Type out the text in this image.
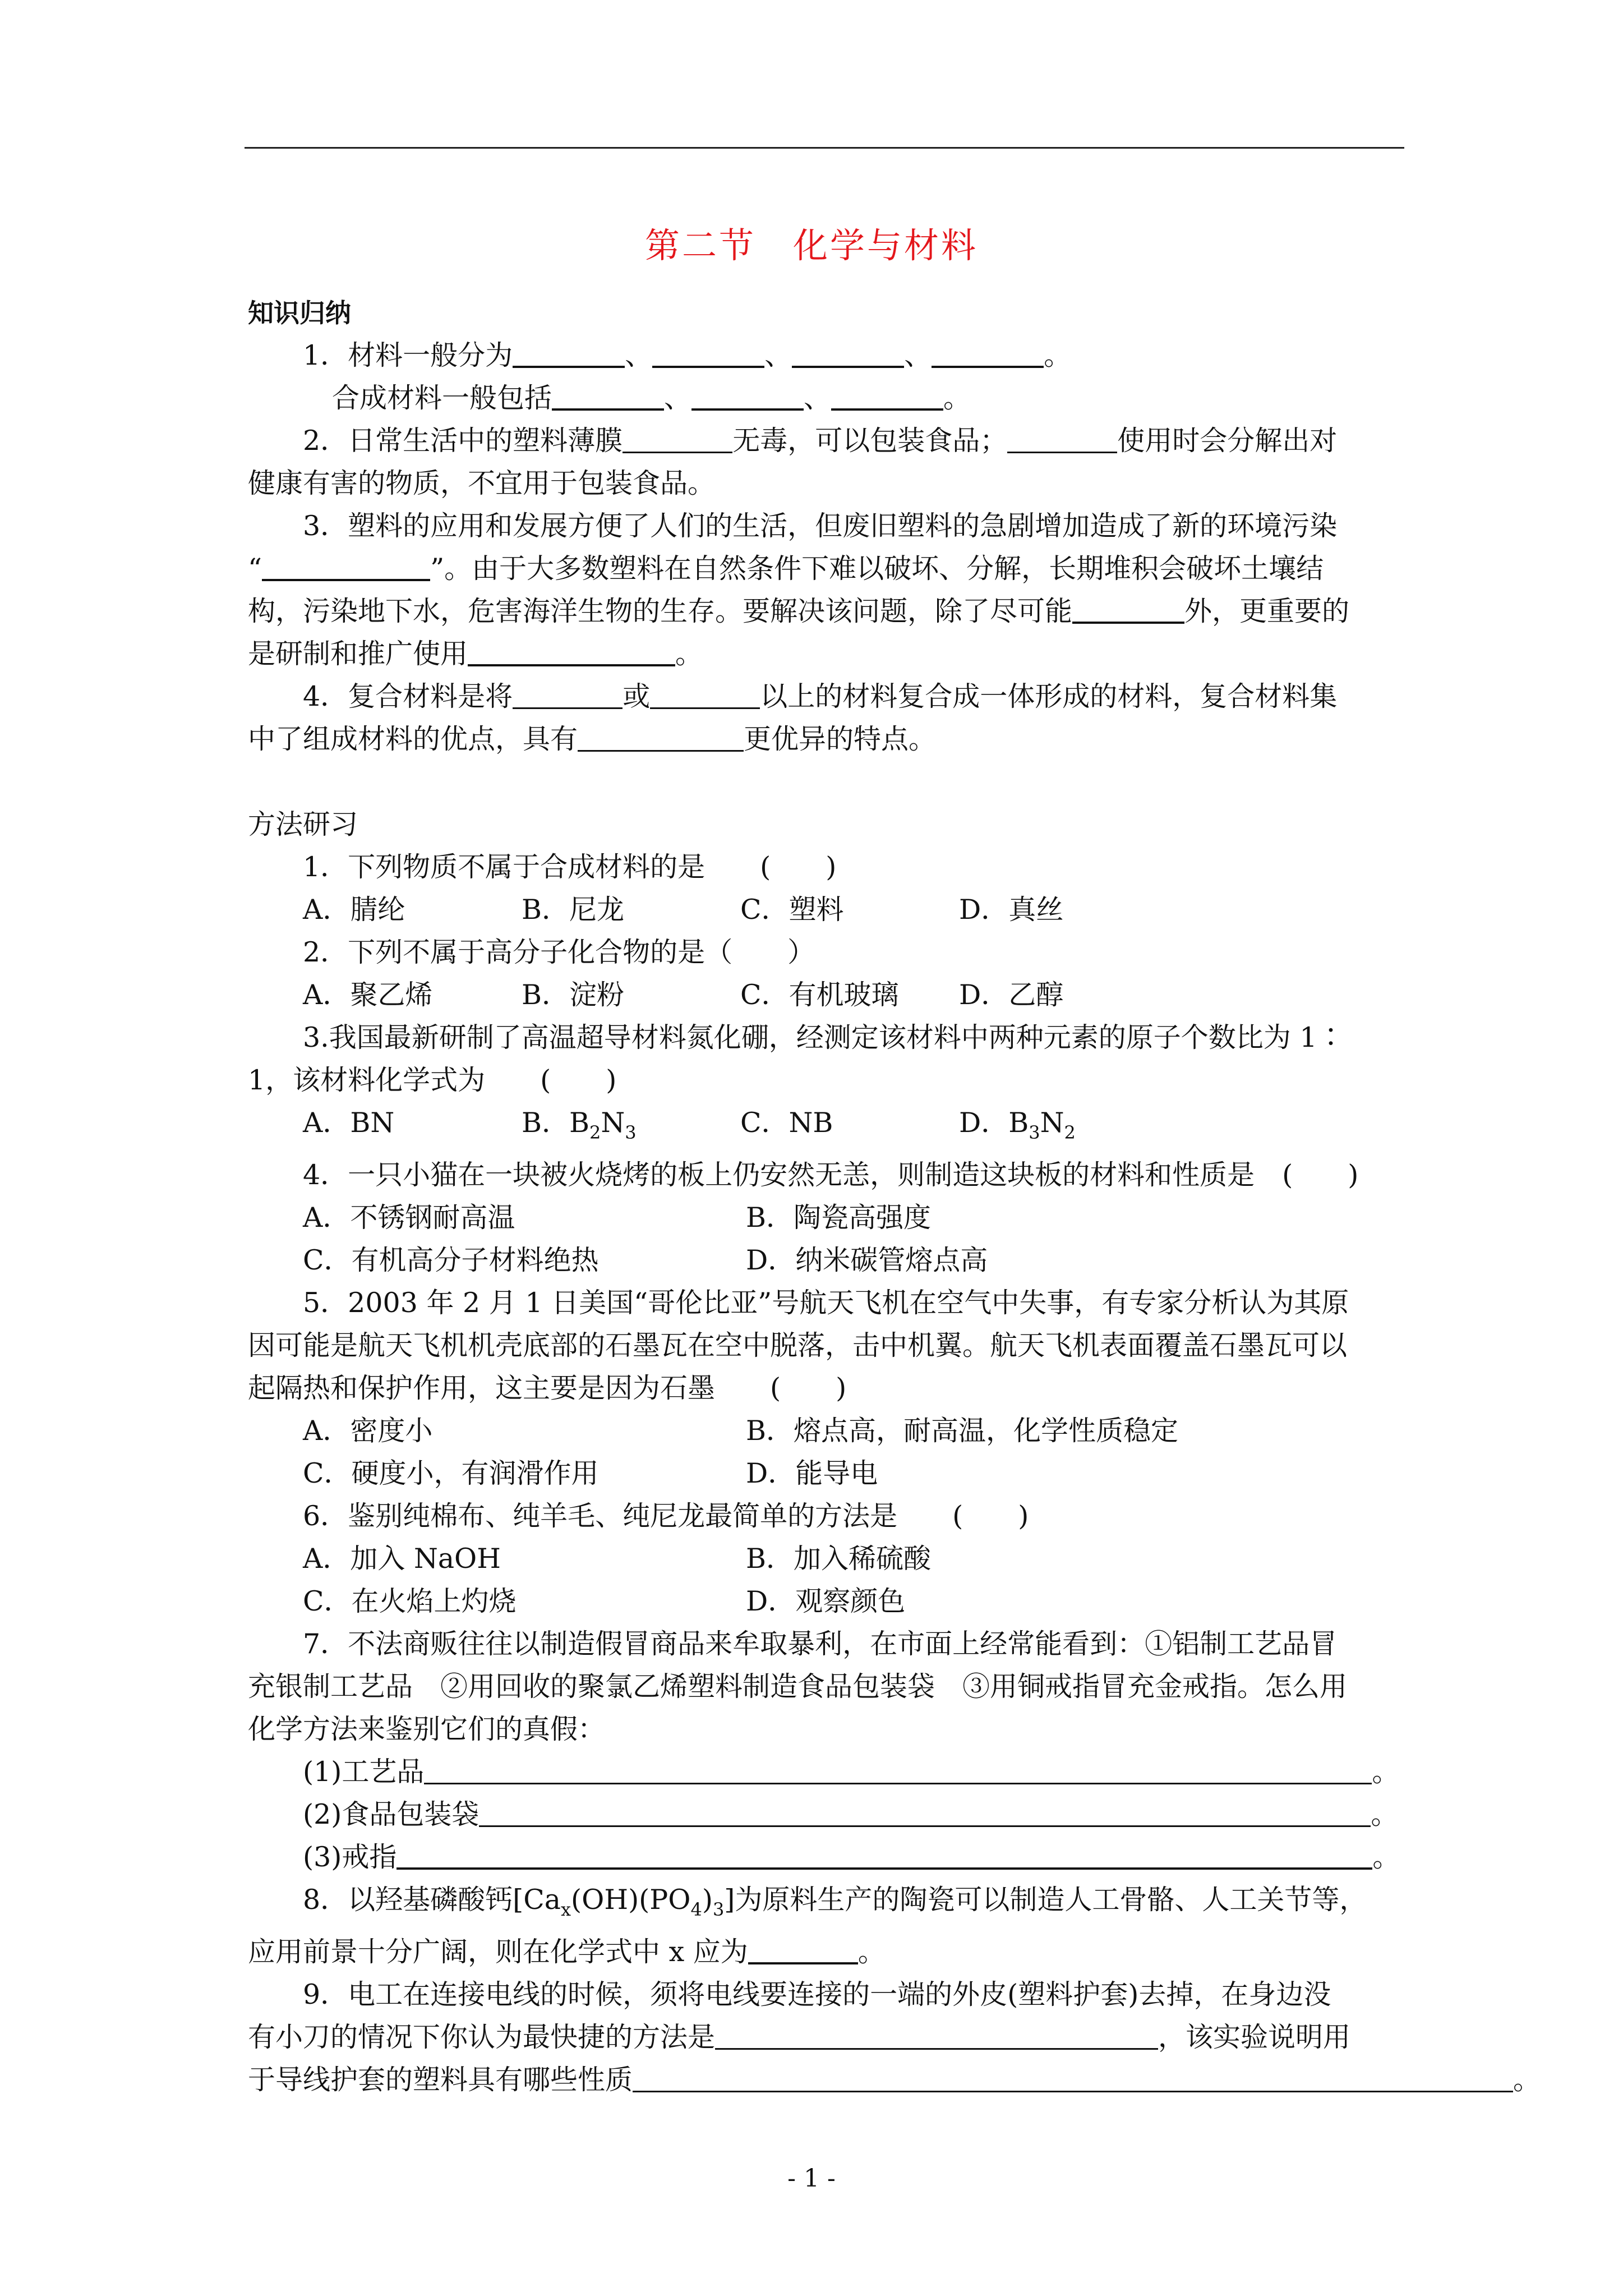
第二节　化学与材料

知识归纳

1．材料一般分为	、	、	、	。

合成材料一般包括	、	、	。

2．日常生活中的塑料薄膜	无毒，可以包装食品；	使用时会分解出对

健康有害的物质，不宜用于包装食品。

3．塑料的应用和发展方便了人们的生活，但废旧塑料的急剧增加造成了新的环境污染

“	”。由于大多数塑料在自然条件下难以破坏、分解，长期堆积会破坏土壤结

构，污染地下水，危害海洋生物的生存。要解决该问题，除了尽可能	外，更重要的

是研制和推广使用	。

4．复合材料是将	或	以上的材料复合成一体形成的材料，复合材料集

中了组成材料的优点，具有	更优异的特点。

方法研习

1．下列物质不属于合成材料的是　　(　　)

A．腈纶	B．尼龙	C．塑料	D．真丝

2．下列不属于高分子化合物的是（　　）

A．聚乙烯	B．淀粉	C．有机玻璃 D．乙醇

3.我国最新研制了高温超导材料氮化硼，经测定该材料中两种元素的原子个数比为 1∶

1，该材料化学式为　　(　　)

A．BN	B．$B_2N_3$	C．NB	D．$B_3N_2$

4．一只小猫在一块被火烧烤的板上仍安然无恙，则制造这块板的材料和性质是　(　　)

A．不锈钢耐高温	B．陶瓷高强度

C．有机高分子材料绝热	D．纳米碳管熔点高

5．2003 年 2 月 1 日美国“哥伦比亚”号航天飞机在空气中失事，有专家分析认为其原

因可能是航天飞机机壳底部的石墨瓦在空中脱落，击中机翼。航天飞机表面覆盖石墨瓦可以

起隔热和保护作用，这主要是因为石墨　　(　　)

A．密度小	B．熔点高，耐高温，化学性质稳定

C．硬度小，有润滑作用	D．能导电

6．鉴别纯棉布、纯羊毛、纯尼龙最简单的方法是　　(　　)

A．加入 NaOH	B．加入稀硫酸

C．在火焰上灼烧	D．观察颜色

7．不法商贩往往以制造假冒商品来牟取暴利，在市面上经常能看到：①铝制工艺品冒

充银制工艺品　②用回收的聚氯乙烯塑料制造食品包装袋　③用铜戒指冒充金戒指。怎么用

化学方法来鉴别它们的真假：

(1)工艺品	。

(2)食品包装袋	。

(3)戒指	。

8．以羟基磷酸钙$[Ca_x(OH)(PO_4)_3]$为原料生产的陶瓷可以制造人工骨骼、人工关节等，

应用前景十分广阔，则在化学式中 x 应为	。

9．电工在连接电线的时候，须将电线要连接的一端的外皮(塑料护套)去掉，在身边没

有小刀的情况下你认为最快捷的方法是	，该实验说明用

于导线护套的塑料具有哪些性质	。

- 1 -
